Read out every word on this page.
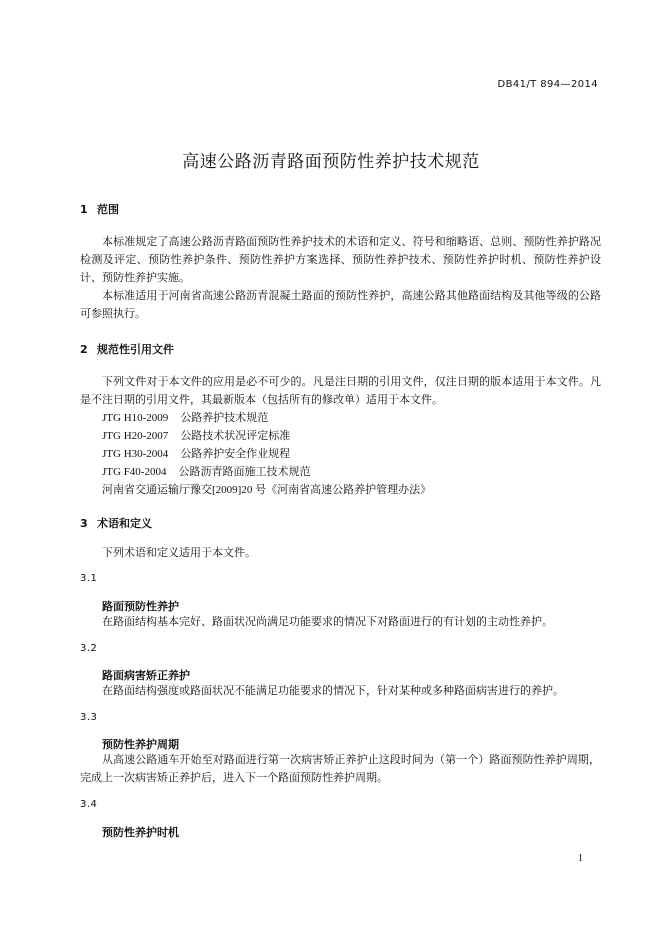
DB41/T 894—2014
高速公路沥青路面预防性养护技术规范
1 范围

本标准规定了高速公路沥青路面预防性养护技术的术语和定义、符号和缩略语、总则、预防性养护路况检测及评定、预防性养护条件、预防性养护方案选择、预防性养护技术、预防性养护时机、预防性养护设计、预防性养护实施。

本标准适用于河南省高速公路沥青混凝土路面的预防性养护，高速公路其他路面结构及其他等级的公路可参照执行。

2 规范性引用文件

下列文件对于本文件的应用是必不可少的。凡是注日期的引用文件，仅注日期的版本适用于本文件。凡是不注日期的引用文件，其最新版本（包括所有的修改单）适用于本文件。

JTG H10-2009 公路养护技术规范
JTG H20-2007 公路技术状况评定标准
JTG H30-2004 公路养护安全作业规程
JTG F40-2004 公路沥青路面施工技术规范
河南省交通运输厅豫交[2009]20 号《河南省高速公路养护管理办法》
3 术语和定义

下列术语和定义适用于本文件。

3.1
路面预防性养护

在路面结构基本完好、路面状况尚满足功能要求的情况下对路面进行的有计划的主动性养护。

3.2
路面病害矫正养护

在路面结构强度或路面状况不能满足功能要求的情况下，针对某种或多种路面病害进行的养护。

3.3
预防性养护周期

从高速公路通车开始至对路面进行第一次病害矫正养护止这段时间为（第一个）路面预防性养护周期，完成上一次病害矫正养护后，进入下一个路面预防性养护周期。

3.4
预防性养护时机
1
